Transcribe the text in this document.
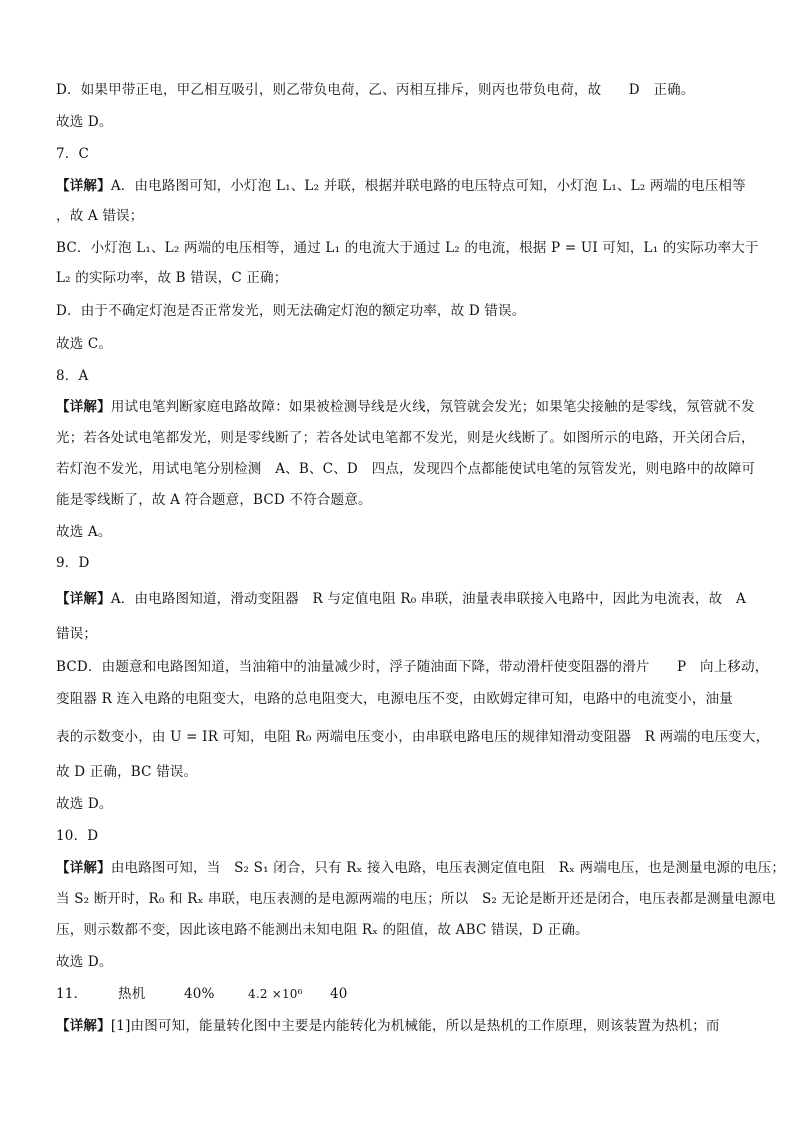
D．如果甲带正电，甲乙相互吸引，则乙带负电荷，乙、丙相互排斥，则丙也带负电荷，故　　D　正确。
故选 D。
7．C
【详解】A．由电路图可知，小灯泡 L₁、L₂ 并联，根据并联电路的电压特点可知，小灯泡 L₁、L₂ 两端的电压相等
，故 A 错误；
BC．小灯泡 L₁、L₂ 两端的电压相等，通过 L₁ 的电流大于通过 L₂ 的电流，根据 P = UI 可知，L₁ 的实际功率大于
L₂ 的实际功率，故 B 错误，C 正确；
D．由于不确定灯泡是否正常发光，则无法确定灯泡的额定功率，故 D 错误。
故选 C。
8．A
【详解】用试电笔判断家庭电路故障：如果被检测导线是火线，氖管就会发光；如果笔尖接触的是零线，氖管就不发
光；若各处试电笔都发光，则是零线断了；若各处试电笔都不发光，则是火线断了。如图所示的电路，开关闭合后，
若灯泡不发光，用试电笔分别检测　A、B、C、D　四点，发现四个点都能使试电笔的氖管发光，则电路中的故障可
能是零线断了，故 A 符合题意，BCD 不符合题意。
故选 A。
9．D
【详解】A．由电路图知道，滑动变阻器　R 与定值电阻 R₀ 串联，油量表串联接入电路中，因此为电流表，故　A
错误；
BCD．由题意和电路图知道，当油箱中的油量减少时，浮子随油面下降，带动滑杆使变阻器的滑片　　P　向上移动，
变阻器 R 连入电路的电阻变大，电路的总电阻变大，电源电压不变，由欧姆定律可知，电路中的电流变小，油量
表的示数变小，由 U = IR 可知，电阻 R₀ 两端电压变小，由串联电路电压的规律知滑动变阻器　R 两端的电压变大，
故 D 正确，BC 错误。
故选 D。
10．D
【详解】由电路图可知，当　S₂ S₁ 闭合，只有 Rₓ 接入电路，电压表测定值电阻　Rₓ 两端电压，也是测量电源的电压；
当 S₂ 断开时，R₀ 和 Rₓ 串联，电压表测的是电源两端的电压；所以　S₂ 无论是断开还是闭合，电压表都是测量电源电
压，则示数都不变，因此该电路不能测出未知电阻 Rₓ 的阻值，故 ABC 错误，D 正确。
故选 D。
11． 热机	40%	4.2 ×10⁶ 40
【详解】[1]由图可知，能量转化图中主要是内能转化为机械能，所以是热机的工作原理，则该装置为热机；而
